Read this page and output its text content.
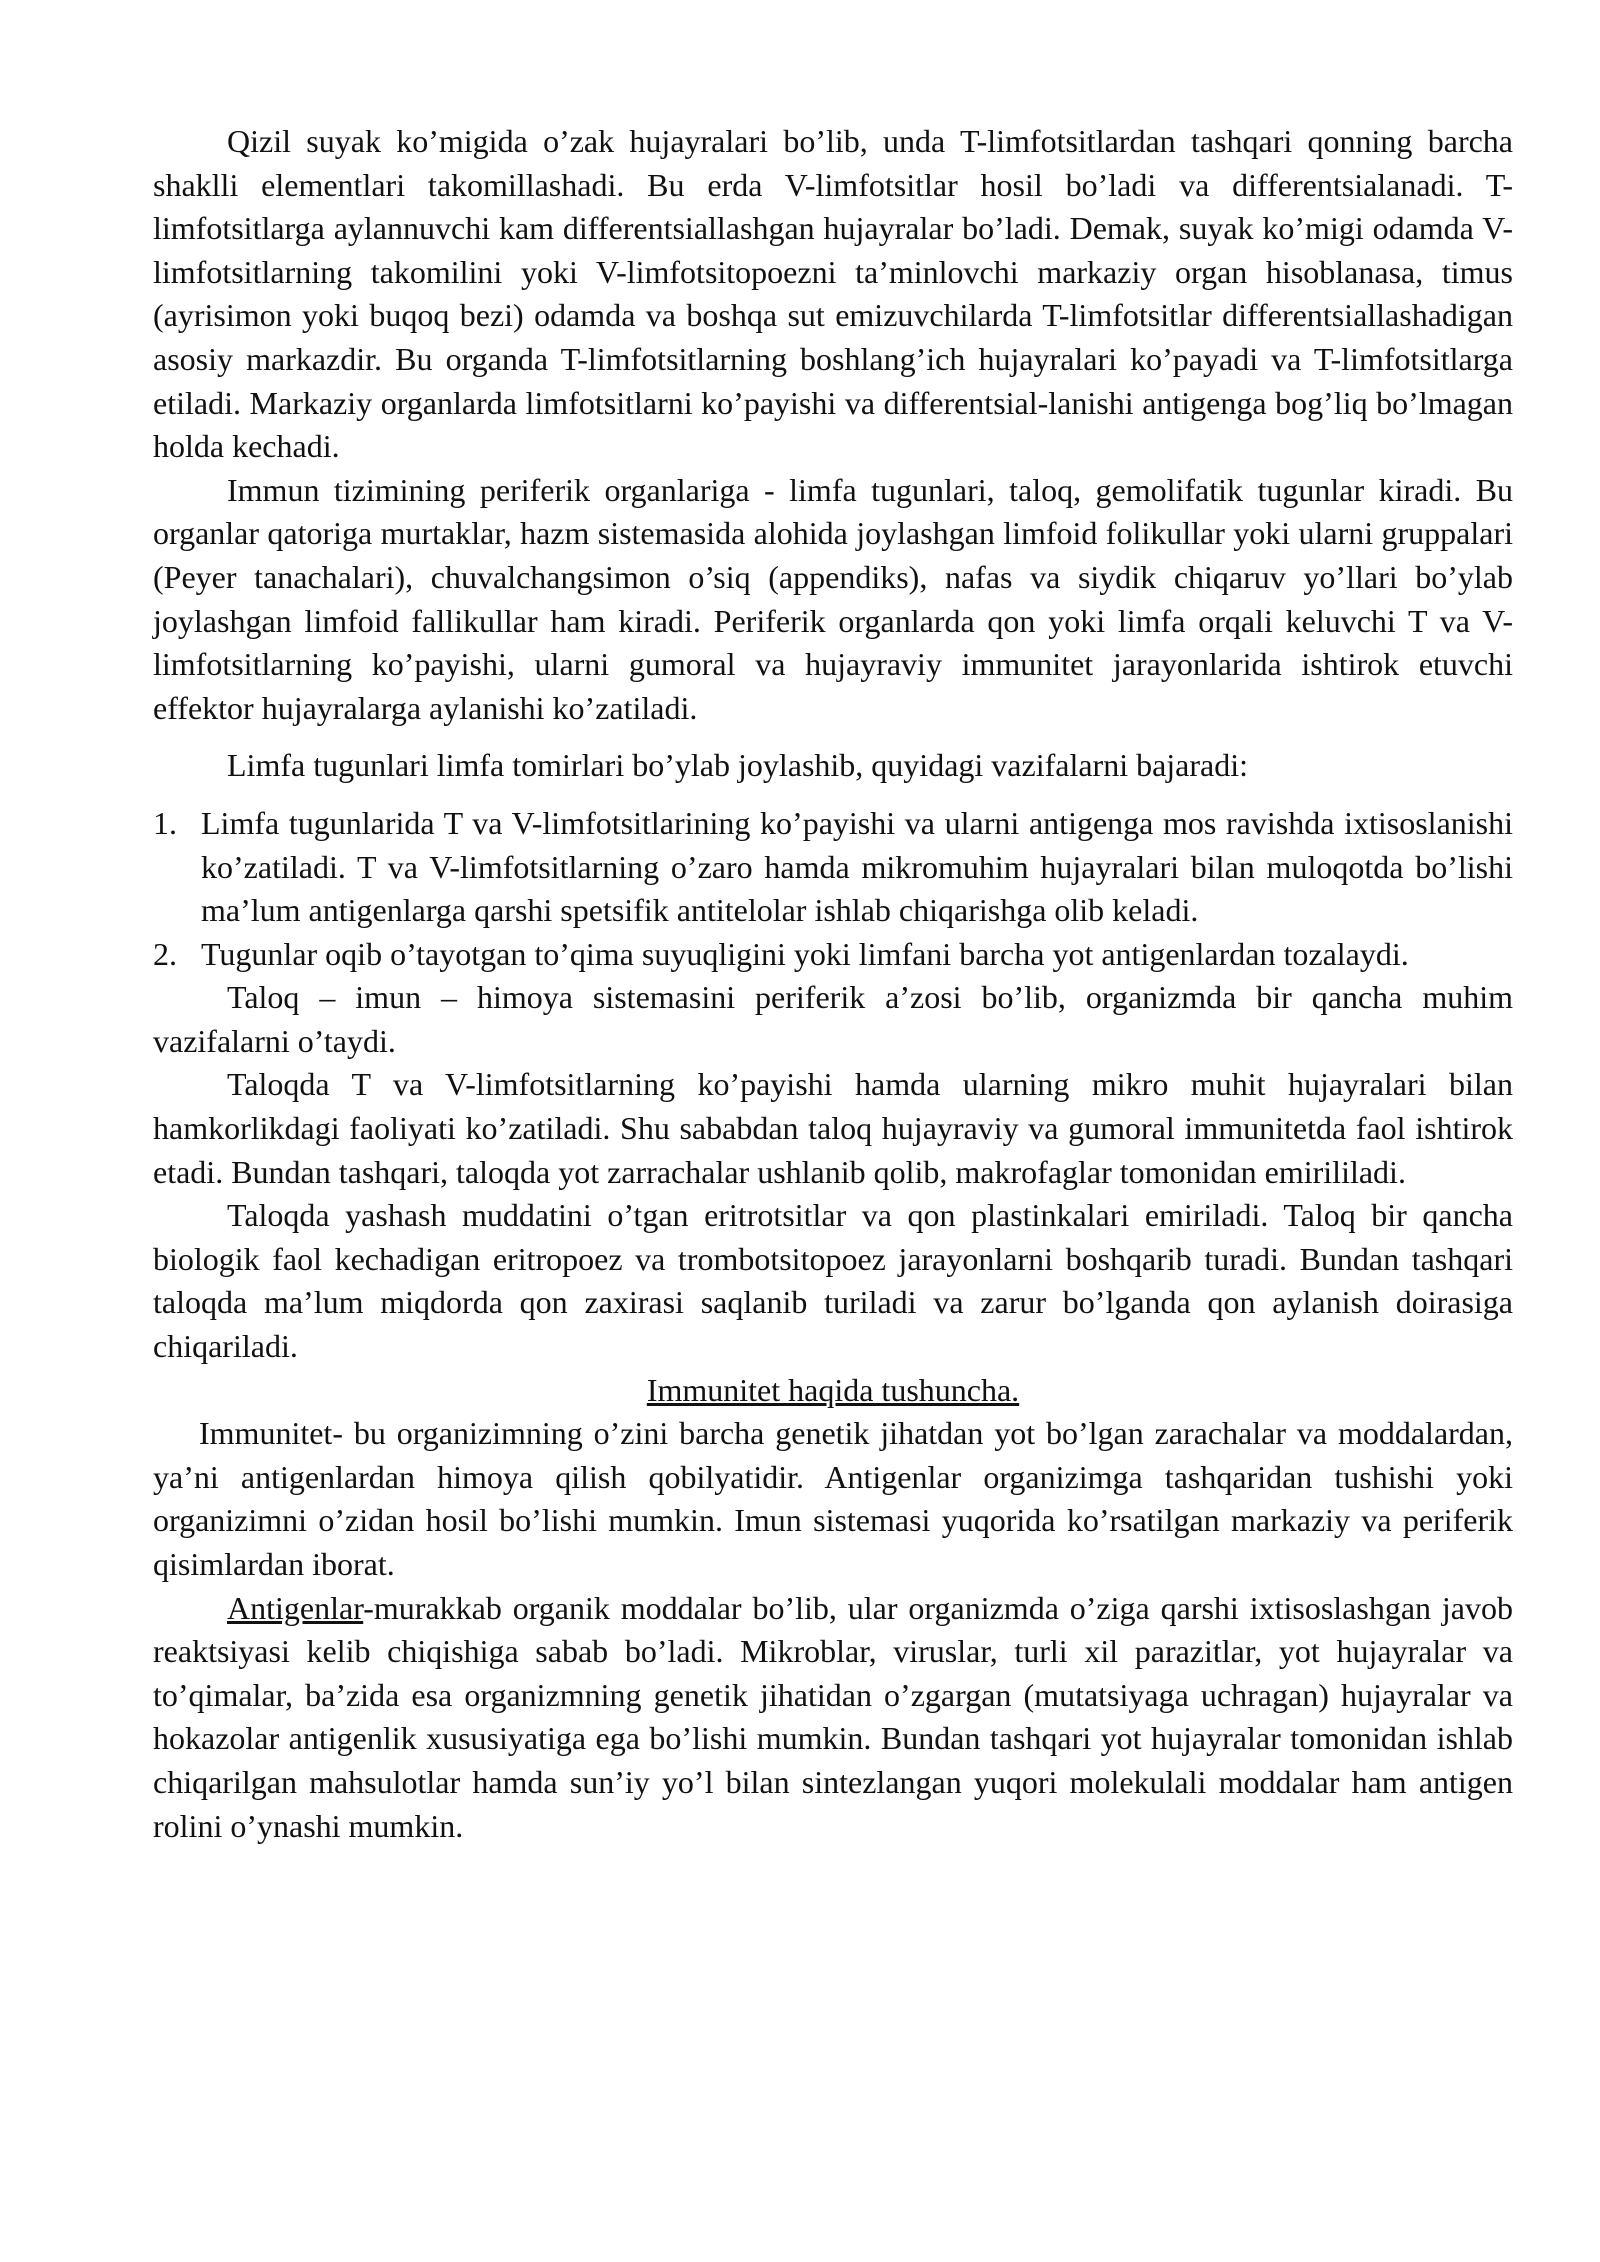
Qizil suyak ko’migida o’zak hujayralari bo’lib, unda T-limfotsitlardan tashqari qonning barcha shaklli elementlari takomillashadi. Bu erda V-limfotsitlar hosil bo’ladi va differentsialanadi. T-limfotsitlarga aylannuvchi kam differentsiallashgan hujayralar bo’ladi. Demak, suyak ko’migi odamda V-limfotsitlarning takomilini yoki V-limfotsitopoezni ta’minlovchi markaziy organ hisoblanasa, timus (ayrisimon yoki buqoq bezi) odamda va boshqa sut emizuvchilarda T-limfotsitlar differentsiallashadigan asosiy markazdir. Bu organda T-limfotsitlarning boshlang’ich hujayralari ko’payadi va T-limfotsitlarga etiladi. Markaziy organlarda limfotsitlarni ko’payishi va differentsial-lanishi antigenga bog’liq bo’lmagan holda kechadi.

Immun tizimining periferik organlariga - limfa tugunlari, taloq, gemolifatik tugunlar kiradi. Bu organlar qatoriga murtaklar, hazm sistemasida alohida joylashgan limfoid folikullar yoki ularni gruppalari (Peyer tanachalari), chuvalchangsimon o’siq (appendiks), nafas va siydik chiqaruv yo’llari bo’ylab joylashgan limfoid fallikullar ham kiradi. Periferik organlarda qon yoki limfa orqali keluvchi T va V-limfotsitlarning ko’payishi, ularni gumoral va hujayraviy immunitet jarayonlarida ishtirok etuvchi effektor hujayralarga aylanishi ko’zatiladi.

Limfa tugunlari limfa tomirlari bo’ylab joylashib, quyidagi vazifalarni bajaradi:

1. Limfa tugunlarida T va V-limfotsitlarining ko’payishi va ularni antigenga mos ravishda ixtisoslanishi ko’zatiladi. T va V-limfotsitlarning o’zaro hamda mikromuhim hujayralari bilan muloqotda bo’lishi ma’lum antigenlarga qarshi spetsifik antitelolar ishlab chiqarishga olib keladi.
2. Tugunlar oqib o’tayotgan to’qima suyuqligini yoki limfani barcha yot antigenlardan tozalaydi.

Taloq – imun – himoya sistemasini periferik a’zosi bo’lib, organizmda bir qancha muhim vazifalarni o’taydi.

Taloqda T va V-limfotsitlarning ko’payishi hamda ularning mikro muhit hujayralari bilan hamkorlikdagi faoliyati ko’zatiladi. Shu sababdan taloq hujayraviy va gumoral immunitetda faol ishtirok etadi. Bundan tashqari, taloqda yot zarrachalar ushlanib qolib, makrofaglar tomonidan emirililadi.

Taloqda yashash muddatini o’tgan eritrotsitlar va qon plastinkalari emiriladi. Taloq bir qancha biologik faol kechadigan eritropoez va trombotsitopoez jarayonlarni boshqarib turadi. Bundan tashqari taloqda ma’lum miqdorda qon zaxirasi saqlanib turiladi va zarur bo’lganda qon aylanish doirasiga chiqariladi.

Immunitet haqida tushuncha.

Immunitet- bu organizimning o’zini barcha genetik jihatdan yot bo’lgan zarachalar va moddalardan, ya’ni antigenlardan himoya qilish qobilyatidir. Antigenlar organizimga tashqaridan tushishi yoki organizimni o’zidan hosil bo’lishi mumkin. Imun sistemasi yuqorida ko’rsatilgan markaziy va periferik qisimlardan iborat.

Antigenlar-murakkab organik moddalar bo’lib, ular organizmda o’ziga qarshi ixtisoslashgan javob reaktsiyasi kelib chiqishiga sabab bo’ladi. Mikroblar, viruslar, turli xil parazitlar, yot hujayralar va to’qimalar, ba’zida esa organizmning genetik jihatidan o’zgargan (mutatsiyaga uchragan) hujayralar va hokazolar antigenlik xususiyatiga ega bo’lishi mumkin. Bundan tashqari yot hujayralar tomonidan ishlab chiqarilgan mahsulotlar hamda sun’iy yo’l bilan sintezlangan yuqori molekulali moddalar ham antigen rolini o’ynashi mumkin.
